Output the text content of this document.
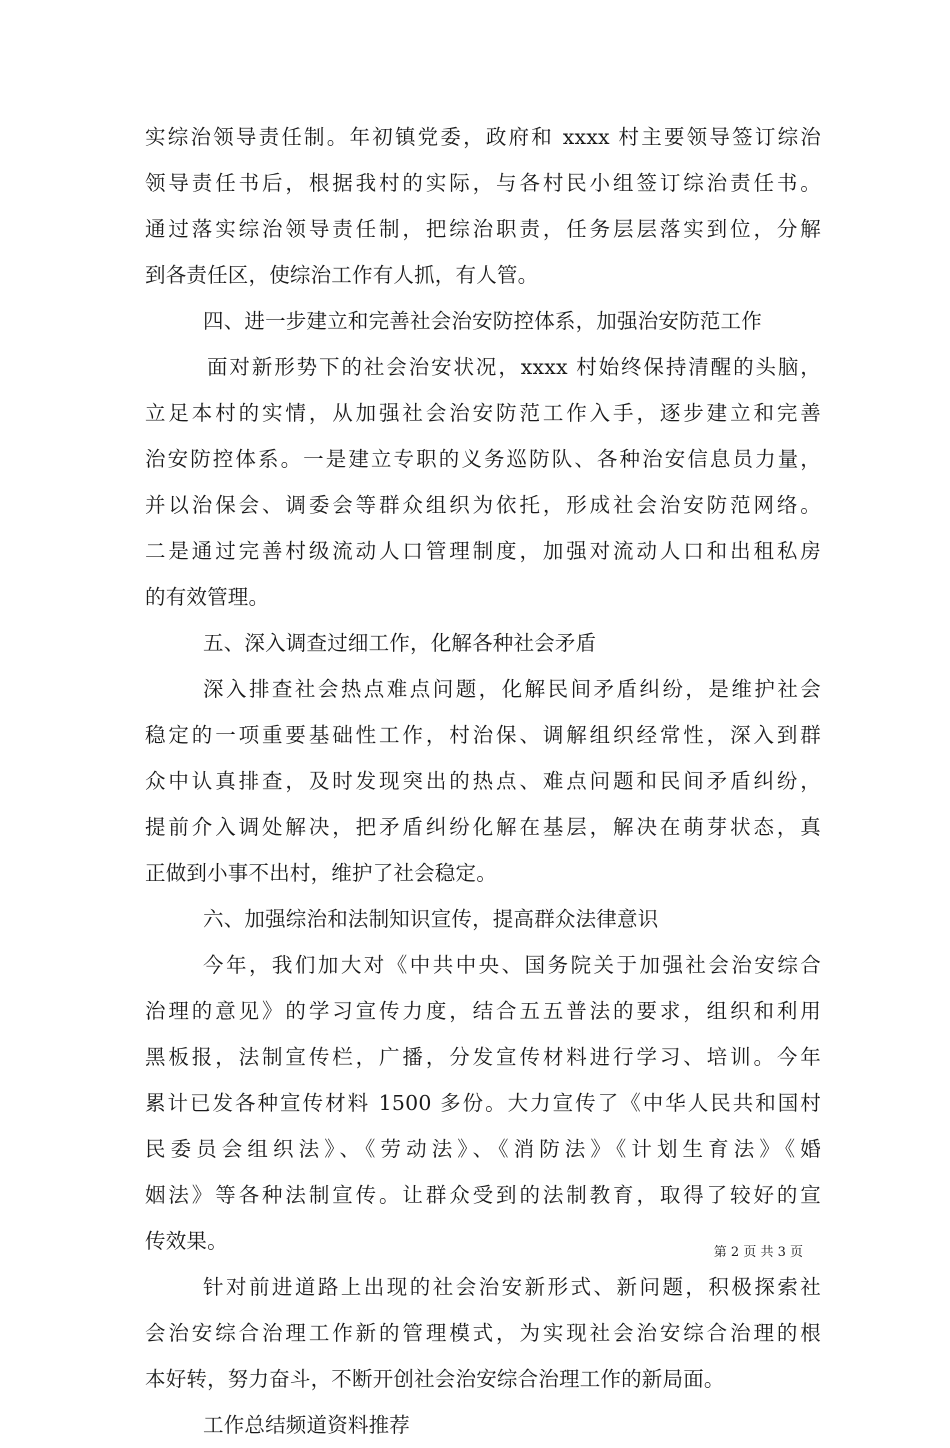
实综治领导责任制。年初镇党委，政府和 xxxx 村主要领导签订综治
领导责任书后，根据我村的实际，与各村民小组签订综治责任书。
通过落实综治领导责任制，把综治职责，任务层层落实到位，分解
到各责任区，使综治工作有人抓，有人管。
四、进一步建立和完善社会治安防控体系，加强治安防范工作
面对新形势下的社会治安状况，xxxx 村始终保持清醒的头脑，
立足本村的实情，从加强社会治安防范工作入手，逐步建立和完善
治安防控体系。一是建立专职的义务巡防队、各种治安信息员力量，
并以治保会、调委会等群众组织为依托，形成社会治安防范网络。
二是通过完善村级流动人口管理制度，加强对流动人口和出租私房
的有效管理。
五、深入调查过细工作，化解各种社会矛盾
深入排查社会热点难点问题，化解民间矛盾纠纷，是维护社会
稳定的一项重要基础性工作，村治保、调解组织经常性，深入到群
众中认真排查，及时发现突出的热点、难点问题和民间矛盾纠纷，
提前介入调处解决，把矛盾纠纷化解在基层，解决在萌芽状态，真
正做到小事不出村，维护了社会稳定。
六、加强综治和法制知识宣传，提高群众法律意识
今年，我们加大对《中共中央、国务院关于加强社会治安综合
治理的意见》的学习宣传力度，结合五五普法的要求，组织和利用
黑板报，法制宣传栏，广播，分发宣传材料进行学习、培训。今年
累计已发各种宣传材料 1500 多份。大力宣传了《中华人民共和国村
民委员会组织法》、《劳动法》、《消防法》《计划生育法》《婚
姻法》等各种法制宣传。让群众受到的法制教育，取得了较好的宣
传效果。
针对前进道路上出现的社会治安新形式、新问题，积极探索社
会治安综合治理工作新的管理模式，为实现社会治安综合治理的根
本好转，努力奋斗，不断开创社会治安综合治理工作的新局面。
工作总结频道资料推荐
第 2 页 共 3 页
